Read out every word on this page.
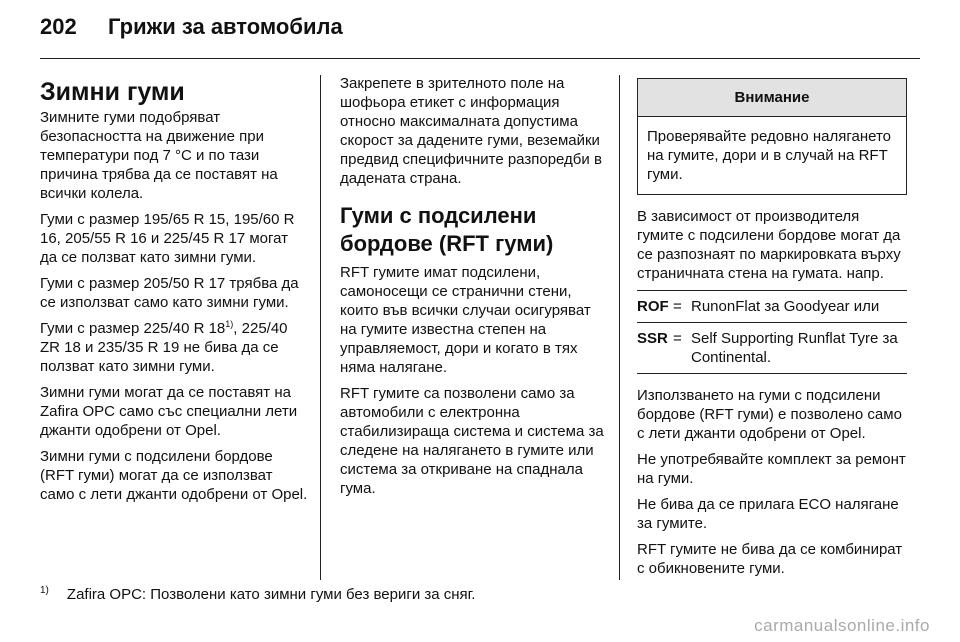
202 Грижи за автомобила
Зимни гуми

Зимните гуми подобряват безопасността на движение при температури под 7 °C и по тази причина трябва да се поставят на всички колела.

Гуми с размер 195/65 R 15, 195/60 R 16, 205/55 R 16 и 225/45 R 17 могат да се ползват като зимни гуми.

Гуми с размер 205/50 R 17 трябва да се използват само като зимни гуми.

Гуми с размер 225/40 R 18$^{1)}$, 225/40 ZR 18 и 235/35 R 19 не бива да се ползват като зимни гуми.

Зимни гуми могат да се поставят на Zafira OPC само със специални лети джанти одобрени от Opel.

Зимни гуми с подсилени бордове (RFT гуми) могат да се използват само с лети джанти одобрени от Opel.

Закрепете в зрителното поле на шофьора етикет с информация относно максималната допустима скорост за дадените гуми, веземайки предвид специфичните разпоредби в дадената страна.

Гуми с подсилени бордове (RFT гуми)

RFT гумите имат подсилени, самоносещи се странични стени, които във всички случаи осигуряват на гумите известна степен на управляемост, дори и когато в тях няма налягане.

RFT гумите са позволени само за автомобили с електронна стабилизираща система и система за следене на налягането в гумите или система за откриване на спаднала гума.

Внимание
Проверявайте редовно налягането на гумите, дори и в случай на RFT гуми.

В зависимост от производителя гумите с подсилени бордове могат да се разпознаят по маркировката върху страничната стена на гумата. напр.

ROF = RunonFlat за Goodyear или
SSR = Self Supporting Runflat Tyre за Continental.

Използването на гуми с подсилени бордове (RFT гуми) е позволено само с лети джанти одобрени от Opel.

Не употребявайте комплект за ремонт на гуми.

Не бива да се прилага ECO налягане за гумите.

RFT гумите не бива да се комбинират с обикновените гуми.

$^{1)}$ Zafira OPC: Позволени като зимни гуми без вериги за сняг.
carmanualsonline.info
